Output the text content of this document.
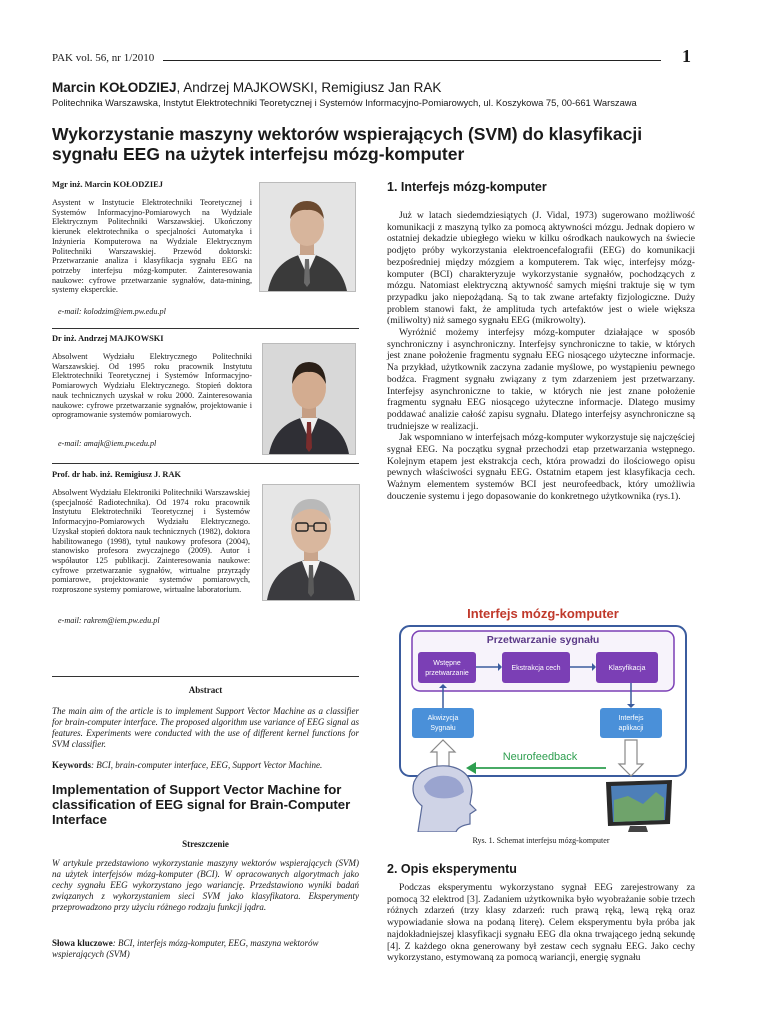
PAK vol. 56, nr 1/2010	1
Marcin KOŁODZIEJ, Andrzej MAJKOWSKI, Remigiusz Jan RAK
Politechnika Warszawska, Instytut Elektrotechniki Teoretycznej i Systemów Informacyjno-Pomiarowych, ul. Koszykowa 75, 00-661 Warszawa
Wykorzystanie maszyny wektorów wspierających (SVM) do klasyfikacji
sygnału EEG na użytek interfejsu mózg-komputer
Mgr inż. Marcin KOŁODZIEJ
Asystent w Instytucie Elektrotechniki Teoretycznej i Systemów Informacyjno-Pomiarowych na Wydziale Elektrycznym Politechniki Warszawskiej. Ukończony kierunek elektrotechnika o specjalności Automatyka i Inżynieria Komputerowa na Wydziale Elektrycznym Politechniki Warszawskiej. Przewód doktorski: Przetwarzanie analiza i klasyfikacja sygnału EEG na potrzeby interfejsu mózg-komputer. Zainteresowania naukowe: cyfrowe przetwarzanie sygnałów, data-mining, systemy eksperckie.
e-mail: kolodzim@iem.pw.edu.pl
Dr inż. Andrzej MAJKOWSKI
Absolwent Wydziału Elektrycznego Politechniki Warszawskiej. Od 1995 roku pracownik Instytutu Elektrotechniki Teoretycznej i Systemów Informacyjno-Pomiarowych Wydziału Elektrycznego. Stopień doktora nauk technicznych uzyskał w roku 2000. Zainteresowania naukowe: cyfrowe przetwarzanie sygnałów, projektowanie i oprogramowanie systemów pomiarowych.
e-mail: amajk@iem.pw.edu.pl
Prof. dr hab. inż. Remigiusz J. RAK
Absolwent Wydziału Elektroniki Politechniki Warszawskiej (specjalność Radiotechnika). Od 1974 roku pracownik Instytutu Elektrotechniki Teoretycznej i Systemów Informacyjno-Pomiarowych Wydziału Elektrycznego. Uzyskał stopień doktora nauk technicznych (1982), doktora habilitowanego (1998), tytuł naukowy profesora (2004), stanowisko profesora zwyczajnego (2009). Autor i współautor 125 publikacji. Zainteresowania naukowe: cyfrowe przetwarzanie sygnałów, wirtualne przyrządy pomiarowe, projektowanie systemów pomiarowych, rozproszone systemy pomiarowe, wirtualne laboratorium.
e-mail: rakrem@iem.pw.edu.pl
Abstract
The main aim of the article is to implement Support Vector Machine as a classifier for brain-computer interface. The proposed algorithm use variance of EEG signal as features. Experiments were conducted with the use of different kernel functions for SVM classifier.
Keywords: BCI, brain-computer interface, EEG, Support Vector Machine.
Implementation of Support Vector Machine for classification of EEG signal for Brain-Computer Interface
Streszczenie
W artykule przedstawiono wykorzystanie maszyny wektorów wspierających (SVM) na użytek interfejsów mózg-komputer (BCI). W opracowanych algorytmach jako cechy sygnału EEG wykorzystano jego wariancję. Przedstawiono wyniki badań związanych z wykorzystaniem sieci SVM jako klasyfikatora. Eksperymenty przeprowadzono przy użyciu różnego rodzaju funkcji jądra.
Słowa kluczowe: BCI, interfejs mózg-komputer, EEG, maszyna wektorów wspierających (SVM)
1. Interfejs mózg-komputer

Już w latach siedemdziesiątych (J. Vidal, 1973) sugerowano możliwość komunikacji z maszyną tylko za pomocą aktywności mózgu. Jednak dopiero w ostatniej dekadzie ubiegłego wieku w kilku ośrodkach naukowych na świecie podjęto próby wykorzystania elektroencefalografii (EEG) do komunikacji bezpośredniej między mózgiem a komputerem. Tak więc, interfejsy mózg-komputer (BCI) charakteryzuje wykorzystanie sygnałów, pochodzących z mózgu. Natomiast elektryczną aktywność samych mięśni traktuje się w tym przypadku jako niepożądaną. Są to tak zwane artefakty fizjologiczne. Duży problem stanowi fakt, że amplituda tych artefaktów jest o wiele większa (miliwolty) niż samego sygnału EEG (mikrowolty).

Wyróżnić możemy interfejsy mózg-komputer działające w sposób synchroniczny i asynchroniczny. Interfejsy synchroniczne to takie, w których jest znane położenie fragmentu sygnału EEG niosącego użyteczne informacje. Na przykład, użytkownik zaczyna zadanie myślowe, po wystąpieniu pewnego bodźca. Fragment sygnału związany z tym zdarzeniem jest przetwarzany. Interfejsy asynchroniczne to takie, w których nie jest znane położenie fragmentu sygnału EEG niosącego użyteczne informacje. Dlatego musimy poddawać analizie całość zapisu sygnału. Dlatego interfejsy asynchroniczne są trudniejsze w realizacji.

Jak wspomniano w interfejsach mózg-komputer wykorzystuje się najczęściej sygnał EEG. Na początku sygnał przechodzi etap przetwarzania wstępnego. Kolejnym etapem jest ekstrakcja cech, która prowadzi do ilościowego opisu pewnych właściwości sygnału EEG. Ostatnim etapem jest klasyfikacja cech. Ważnym elementem systemów BCI jest neurofeedback, który umożliwia douczenie systemu i jego dopasowanie do konkretnego użytkownika (rys.1).

Interfejs mózg-komputer
Przetwarzanie sygnału
Wstępne
przetwarzanie
Ekstrakcja cech	Klasyfikacja
Akwizycja
Sygnału
Interfejs
aplikacji
Neurofeedback
Rys. 1. Schemat interfejsu mózg-komputer
2. Opis eksperymentu

Podczas eksperymentu wykorzystano sygnał EEG zarejestrowany za pomocą 32 elektrod [3]. Zadaniem użytkownika było wyobrażanie sobie trzech różnych zdarzeń (trzy klasy zdarzeń: ruch prawą ręką, lewą ręką oraz wypowiadanie słowa na podaną literę). Celem eksperymentu była próba jak najdokładniejszej klasyfikacji sygnału EEG dla okna trwającego jedną sekundę [4]. Z każdego okna generowany był zestaw cech sygnału EEG. Jako cechy wykorzystano, estymowaną za pomocą wariancji, energię sygnału
